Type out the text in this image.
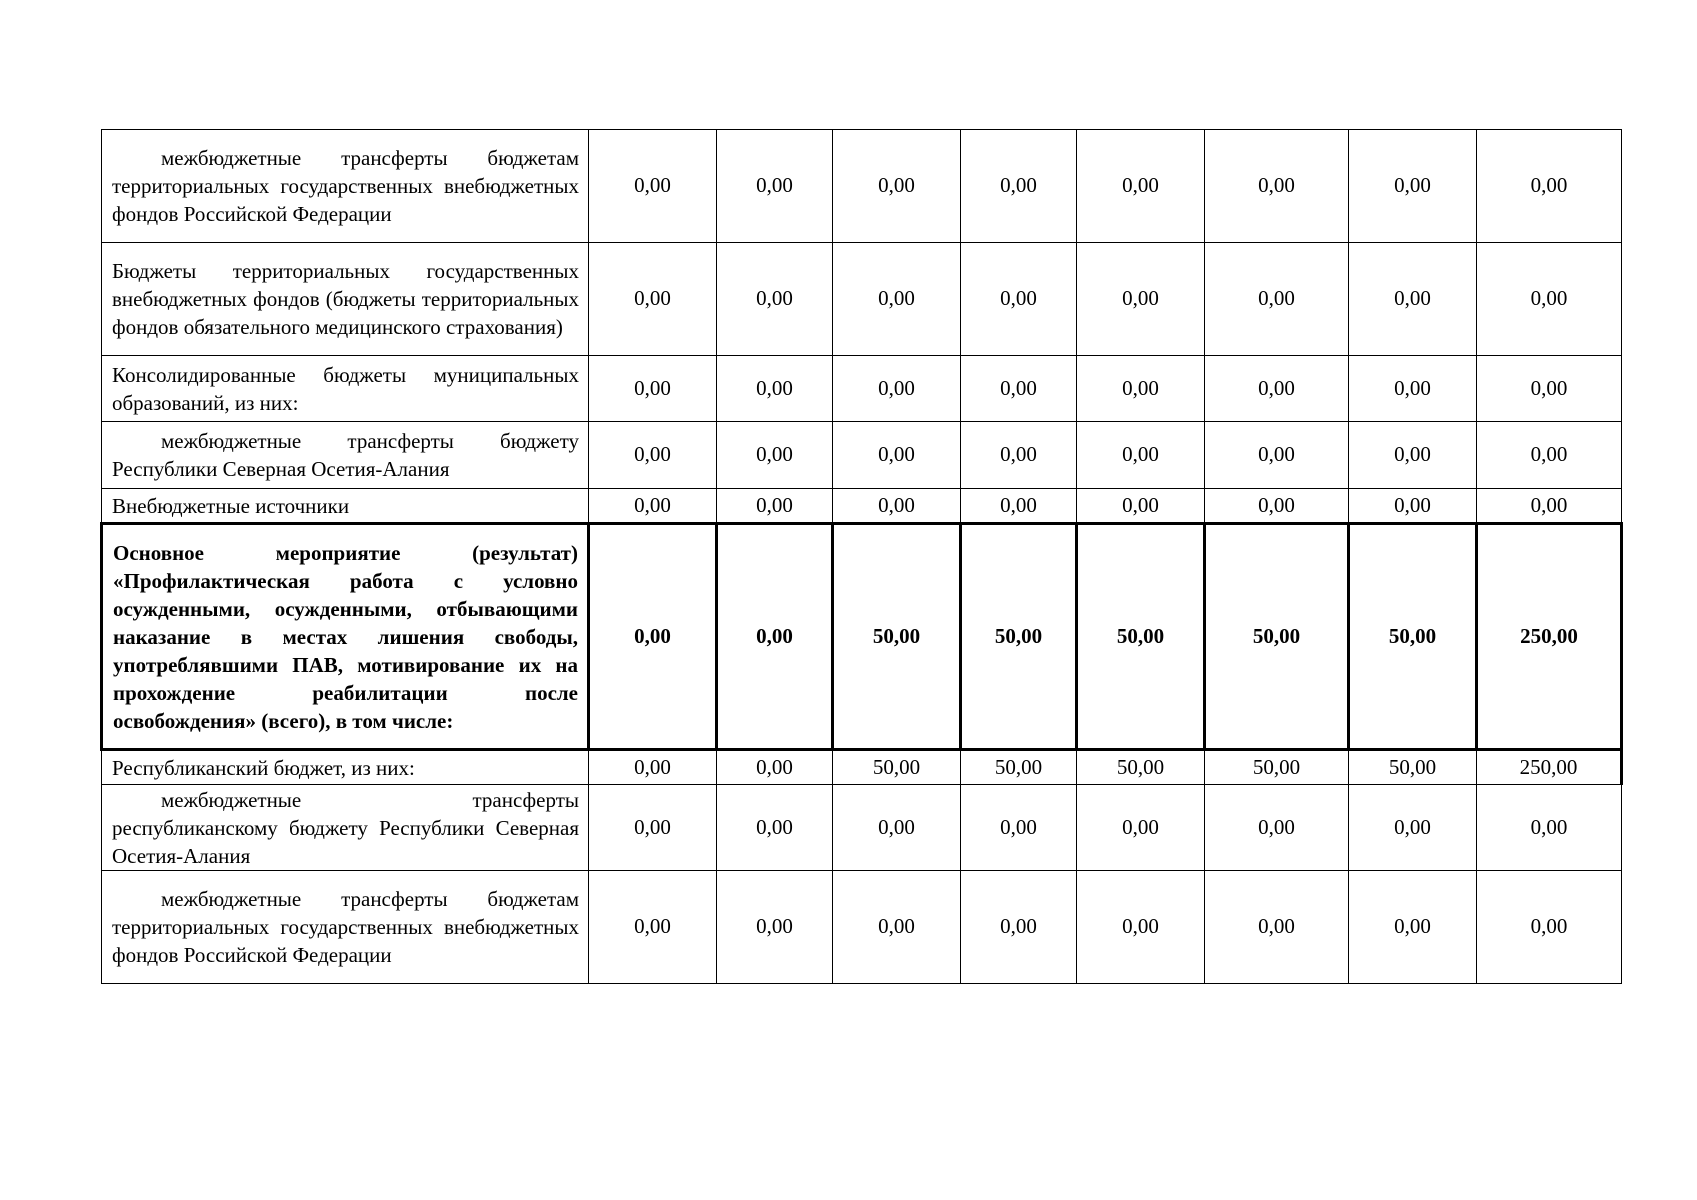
межбюджетные трансферты бюджетам территориальных государственных внебюджетных фондов Российской Федерации	0,00	0,00	0,00	0,00	0,00	0,00	0,00	0,00
Бюджеты территориальных государственных внебюджетных фондов (бюджеты территориальных фондов обязательного медицинского страхования)	0,00	0,00	0,00	0,00	0,00	0,00	0,00	0,00
Консолидированные бюджеты муниципальных образований, из них:	0,00	0,00	0,00	0,00	0,00	0,00	0,00	0,00
межбюджетные трансферты бюджету Республики Северная Осетия-Алания	0,00	0,00	0,00	0,00	0,00	0,00	0,00	0,00
Внебюджетные источники	0,00	0,00	0,00	0,00	0,00	0,00	0,00	0,00
Основное мероприятие (результат) «Профилактическая работа с условно осужденными, осужденными, отбывающими наказание в местах лишения свободы, употреблявшими ПАВ, мотивирование их на прохождение реабилитации после освобождения» (всего), в том числе:	0,00	0,00	50,00	50,00	50,00	50,00	50,00	250,00
Республиканский бюджет, из них:	0,00	0,00	50,00	50,00	50,00	50,00	50,00	250,00
межбюджетные трансферты республиканскому бюджету Республики Северная Осетия-Алания	0,00	0,00	0,00	0,00	0,00	0,00	0,00	0,00
межбюджетные трансферты бюджетам территориальных государственных внебюджетных фондов Российской Федерации	0,00	0,00	0,00	0,00	0,00	0,00	0,00	0,00
